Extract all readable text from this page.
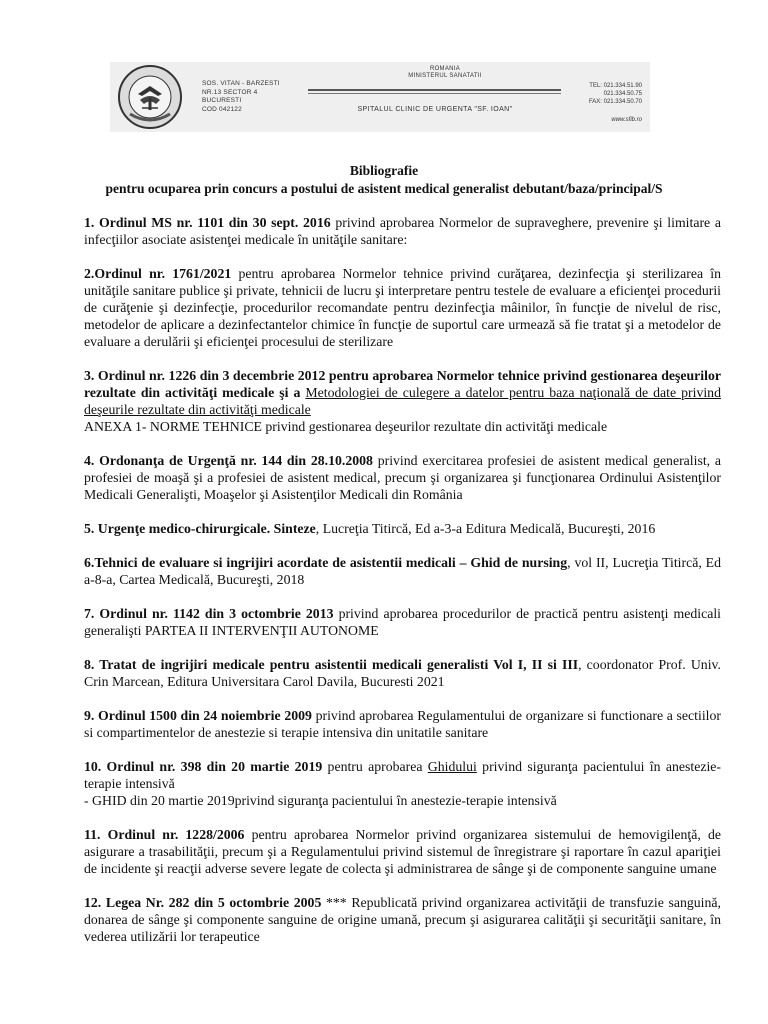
SOS. VITAN - BARZESTI
NR.13 SECTOR 4
BUCURESTI
COD 042122
ROMANIA
MINISTERUL SANATATII
SPITALUL CLINIC DE URGENTA "SF. IOAN"
TEL: 021.334.51.90
021.334.50.75
FAX: 021.334.50.70
www.sfib.ro
Bibliografie
pentru ocuparea prin concurs a postului de asistent medical generalist debutant/baza/principal/S

1. Ordinul MS nr. 1101 din 30 sept. 2016 privind aprobarea Normelor de supraveghere, prevenire şi limitare a infecţiilor asociate asistenţei medicale în unităţile sanitare:

2.Ordinul nr. 1761/2021 pentru aprobarea Normelor tehnice privind curăţarea, dezinfecţia şi sterilizarea în unităţile sanitare publice şi private, tehnicii de lucru şi interpretare pentru testele de evaluare a eficienţei procedurii de curăţenie şi dezinfecţie, procedurilor recomandate pentru dezinfecţia mâinilor, în funcţie de nivelul de risc, metodelor de aplicare a dezinfectantelor chimice în funcţie de suportul care urmează să fie tratat şi a metodelor de evaluare a derulării şi eficienţei procesului de sterilizare

3. Ordinul nr. 1226 din 3 decembrie 2012 pentru aprobarea Normelor tehnice privind gestionarea deşeurilor rezultate din activităţi medicale şi a Metodologiei de culegere a datelor pentru baza naţională de date privind deşeurile rezultate din activităţi medicale

ANEXA 1- NORME TEHNICE privind gestionarea deşeurilor rezultate din activităţi medicale

4. Ordonanţa de Urgenţă nr. 144 din 28.10.2008 privind exercitarea profesiei de asistent medical generalist, a profesiei de moaşă şi a profesiei de asistent medical, precum şi organizarea şi funcţionarea Ordinului Asistenţilor Medicali Generalişti, Moaşelor şi Asistenţilor Medicali din România

5. Urgenţe medico-chirurgicale. Sinteze, Lucreţia Titircă, Ed a-3-a Editura Medicală, Bucureşti, 2016

6.Tehnici de evaluare si ingrijiri acordate de asistentii medicali – Ghid de nursing, vol II, Lucreţia Titircă, Ed a-8-a, Cartea Medicală, Bucureşti, 2018

7. Ordinul nr. 1142 din 3 octombrie 2013 privind aprobarea procedurilor de practică pentru asistenţi medicali generalişti PARTEA II INTERVENŢII AUTONOME

8. Tratat de ingrijiri medicale pentru asistentii medicali generalisti Vol I, II si III, coordonator Prof. Univ. Crin Marcean, Editura Universitara Carol Davila, Bucuresti 2021

9. Ordinul 1500 din 24 noiembrie 2009 privind aprobarea Regulamentului de organizare si functionare a sectiilor si compartimentelor de anestezie si terapie intensiva din unitatile sanitare

10. Ordinul nr. 398 din 20 martie 2019 pentru aprobarea Ghidului privind siguranţa pacientului în anestezie-terapie intensivă

- GHID din 20 martie 2019privind siguranţa pacientului în anestezie-terapie intensivă

11. Ordinul nr. 1228/2006 pentru aprobarea Normelor privind organizarea sistemului de hemovigilenţă, de asigurare a trasabilităţii, precum şi a Regulamentului privind sistemul de înregistrare şi raportare în cazul apariţiei de incidente şi reacţii adverse severe legate de colecta şi administrarea de sânge şi de componente sanguine umane

12. Legea Nr. 282 din 5 octombrie 2005 *** Republicată privind organizarea activităţii de transfuzie sanguină, donarea de sânge şi componente sanguine de origine umană, precum şi asigurarea calităţii şi securităţii sanitare, în vederea utilizării lor terapeutice
